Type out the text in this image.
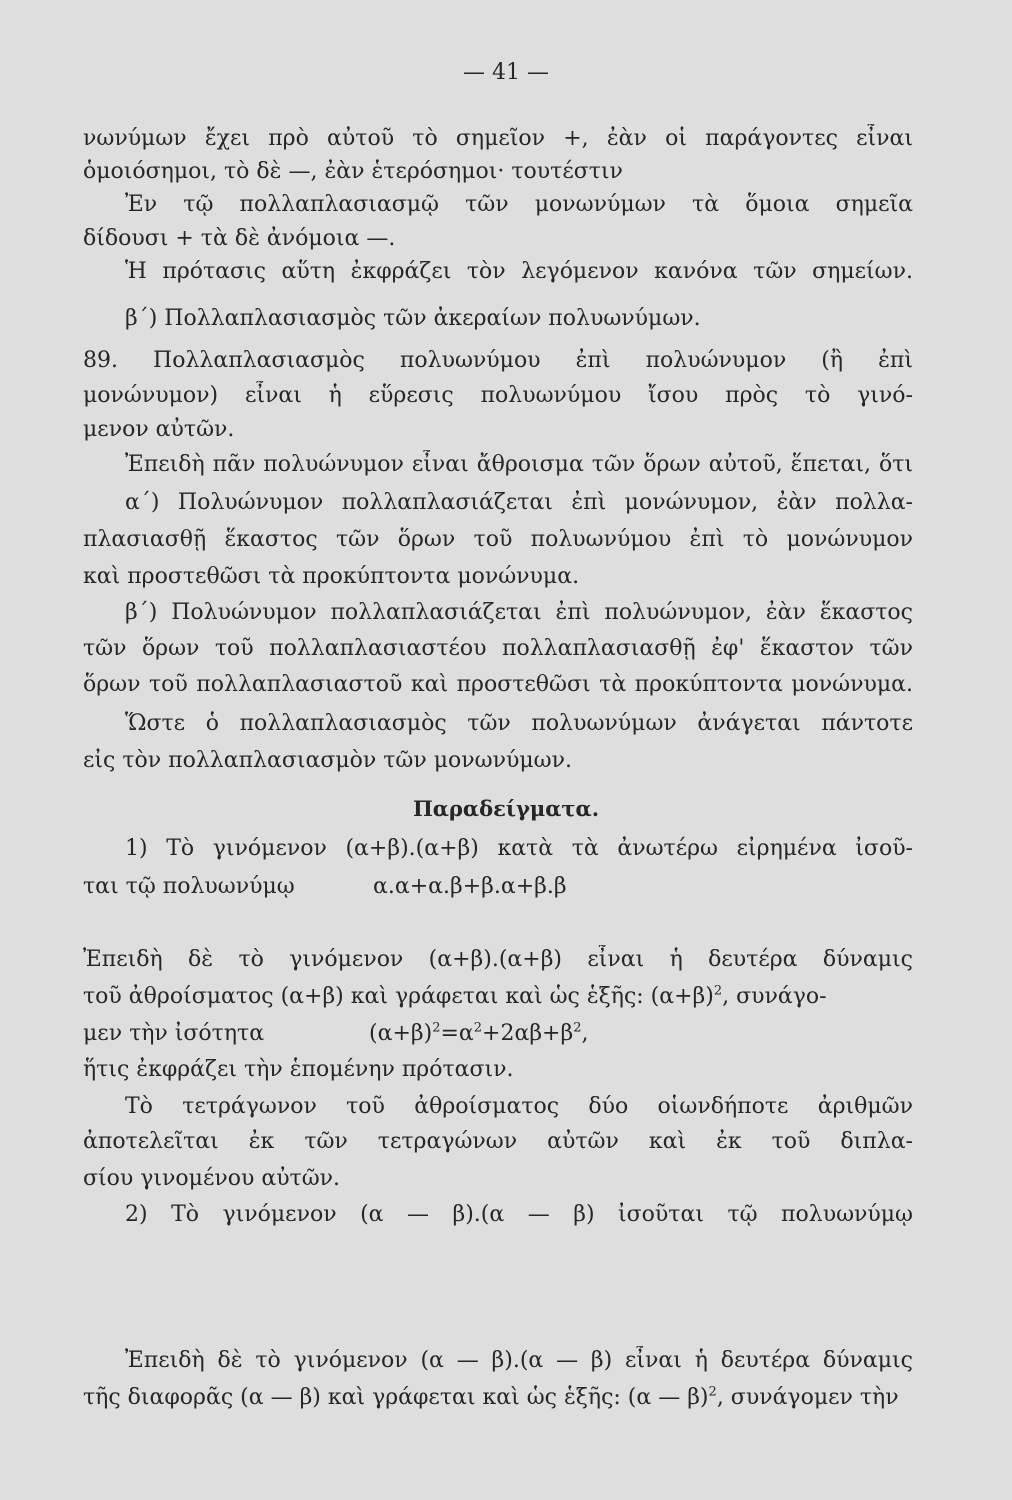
— 41 —
νωνύμων ἔχει πρὸ αὐτοῦ τὸ σημεῖον +, ἐὰν οἱ παράγοντες εἶναι
ὁμοιόσημοι, τὸ δὲ —, ἐὰν ἑτερόσημοι· τουτέστιν
Ἐν τῷ πολλαπλασιασμῷ τῶν μονωνύμων τὰ ὅμοια σημεῖα
δίδουσι + τὰ δὲ ἀνόμοια —.
Ἡ πρότασις αὕτη ἐκφράζει τὸν λεγόμενον κανόνα τῶν σημείων.
β΄) Πολλαπλασιασμὸς τῶν ἀκεραίων πολυωνύμων.
89. Πολλαπλασιασμὸς πολυωνύμου ἐπὶ πολυώνυμον (ἢ ἐπὶ
μονώνυμον) εἶναι ἡ εὕρεσις πολυωνύμου ἴσου πρὸς τὸ γινό-
μενον αὐτῶν.
Ἐπειδὴ πᾶν πολυώνυμον εἶναι ἄθροισμα τῶν ὅρων αὐτοῦ, ἕπεται, ὅτι
α΄) Πολυώνυμον πολλαπλασιάζεται ἐπὶ μονώνυμον, ἐὰν πολλα-
πλασιασθῇ ἕκαστος τῶν ὅρων τοῦ πολυωνύμου ἐπὶ τὸ μονώνυμον
καὶ προστεθῶσι τὰ προκύπτοντα μονώνυμα.
β΄) Πολυώνυμον πολλαπλασιάζεται ἐπὶ πολυώνυμον, ἐὰν ἕκαστος
τῶν ὅρων τοῦ πολλαπλασιαστέου πολλαπλασιασθῇ ἐφ' ἕκαστον τῶν
ὅρων τοῦ πολλαπλασιαστοῦ καὶ προστεθῶσι τὰ προκύπτοντα μονώνυμα.
Ὥστε ὁ πολλαπλασιασμὸς τῶν πολυωνύμων ἀνάγεται πάντοτε
εἰς τὸν πολλαπλασιασμὸν τῶν μονωνύμων.
Παραδείγματα.
1) Τὸ γινόμενον (α+β).(α+β) κατὰ τὰ ἀνωτέρω εἰρημένα ἰσοῦ-
ται τῷ πολυωνύμῳ	α.α+α.β+β.α+β.β
Ἐπειδὴ δὲ τὸ γινόμενον (α+β).(α+β) εἶναι ἡ δευτέρα δύναμις
τοῦ ἀθροίσματος (α+β) καὶ γράφεται καὶ ὡς ἑξῆς: $(\alpha+\beta)^2$, συνάγο-
μεν τὴν ἰσότητα	$(\alpha+\beta)^2=\alpha^2+2\alpha\beta+\beta^2$,
ἥτις ἐκφράζει τὴν ἑπομένην πρότασιν.
Τὸ τετράγωνον τοῦ ἀθροίσματος δύο οἱωνδήποτε ἀριθμῶν
ἀποτελεῖται ἐκ τῶν τετραγώνων αὐτῶν καὶ ἐκ τοῦ διπλα-
σίου γινομένου αὐτῶν.
2) Τὸ γινόμενον (α — β).(α — β) ἰσοῦται τῷ πολυωνύμῳ
Ἐπειδὴ δὲ τὸ γινόμενον (α — β).(α — β) εἶναι ἡ δευτέρα δύναμις
τῆς διαφορᾶς (α — β) καὶ γράφεται καὶ ὡς ἑξῆς: (α — β)$^2$, συνάγομεν τὴν
